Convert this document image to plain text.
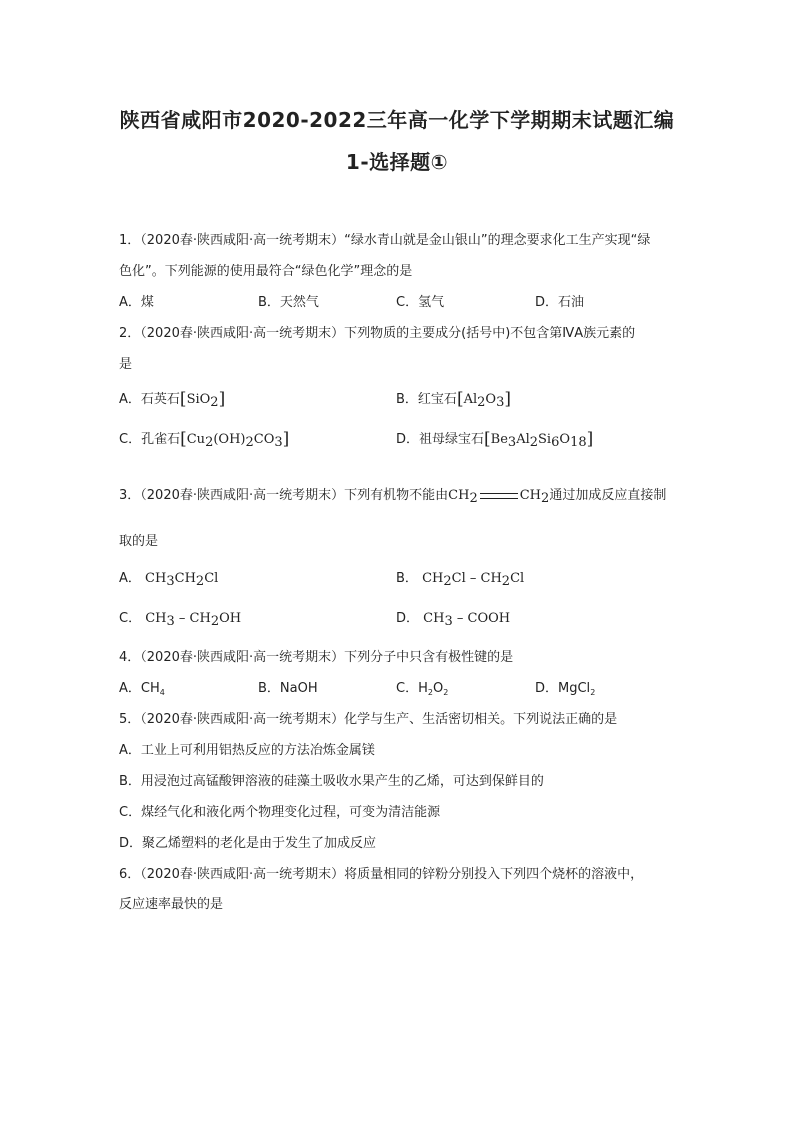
陕西省咸阳市2020-2022三年高一化学下学期期末试题汇编
1-选择题①
1．（2020春·陕西咸阳·高一统考期末）“绿水青山就是金山银山”的理念要求化工生产实现“绿
色化”。下列能源的使用最符合“绿色化学”理念的是
A．煤	B．天然气	C．氢气	D．石油
2．（2020春·陕西咸阳·高一统考期末）下列物质的主要成分(括号中)不包含第ⅣA族元素的
是
A．石英石[SiO$_2$]	B．红宝石$[Al_2O_3]$
C．孔雀石$[Cu_2(OH)_2CO_3]$	D．祖母绿宝石$[Be_3Al_2Si_6O_{18}]$
3．（2020春·陕西咸阳·高一统考期末）下列有机物不能由$CH_2$	$CH_2$通过加成反应直接制
取的是
A． $CH_3CH_2Cl$	B． $CH_2Cl - CH_2Cl$
C． $CH_3 - CH_2OH$	D． $CH_3$ – COOH
4．（2020春·陕西咸阳·高一统考期末）下列分子中只含有极性键的是
A．$CH_4$	B．NaOH	C．$H_2O_2$	D．MgCl$_2$
5．（2020春·陕西咸阳·高一统考期末）化学与生产、生活密切相关。下列说法正确的是
A．工业上可利用铝热反应的方法冶炼金属镁
B．用浸泡过高锰酸钾溶液的硅藻土吸收水果产生的乙烯，可达到保鲜目的
C．煤经气化和液化两个物理变化过程，可变为清洁能源
D．聚乙烯塑料的老化是由于发生了加成反应
6．（2020春·陕西咸阳·高一统考期末）将质量相同的锌粉分别投入下列四个烧杯的溶液中，
反应速率最快的是
